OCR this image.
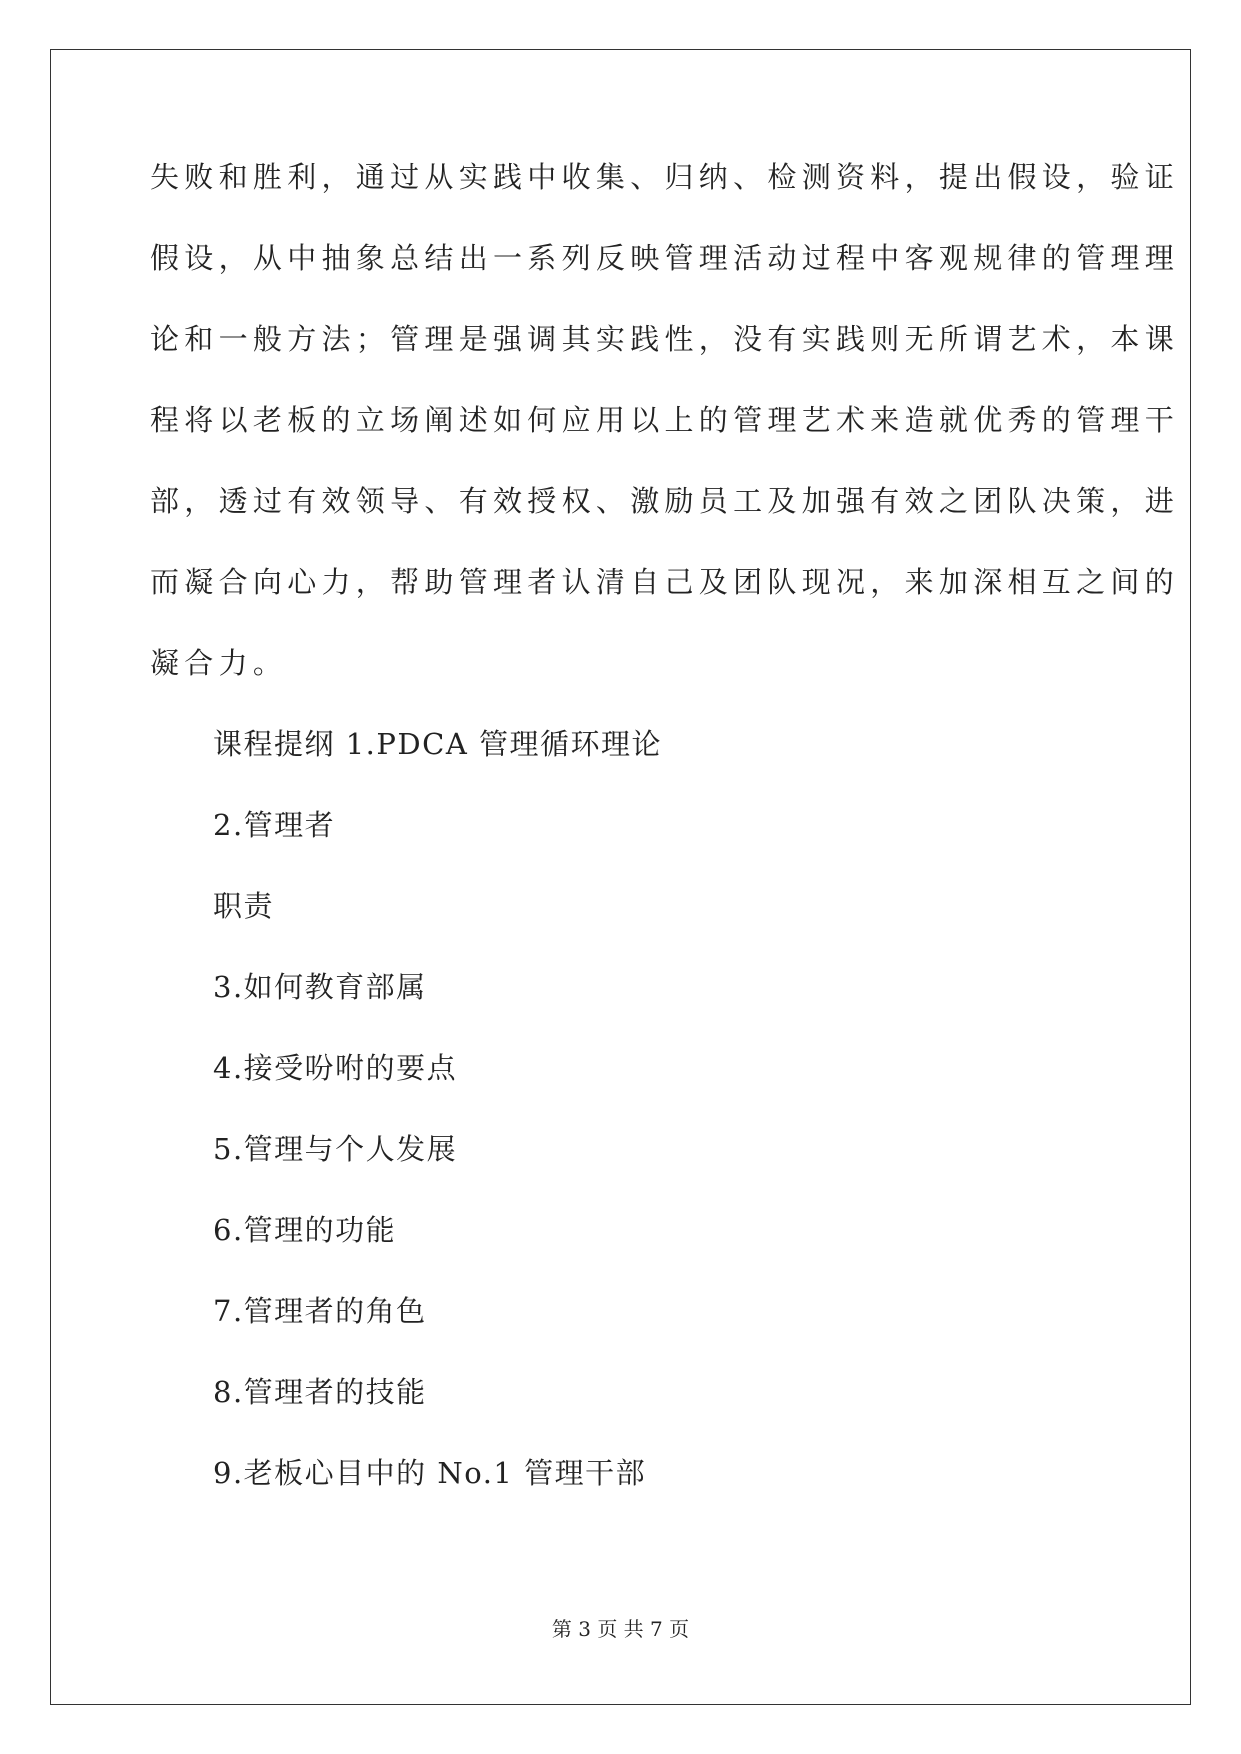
失败和胜利，通过从实践中收集、归纳、检测资料，提出假设，验证
假设，从中抽象总结出一系列反映管理活动过程中客观规律的管理理
论和一般方法；管理是强调其实践性，没有实践则无所谓艺术，本课
程将以老板的立场阐述如何应用以上的管理艺术来造就优秀的管理干
部，透过有效领导、有效授权、激励员工及加强有效之团队决策，进
而凝合向心力，帮助管理者认清自己及团队现况，来加深相互之间的
凝合力。
课程提纲 1.PDCA 管理循环理论
2.管理者
职责
3.如何教育部属
4.接受吩咐的要点
5.管理与个人发展
6.管理的功能
7.管理者的角色
8.管理者的技能
9.老板心目中的 No.1 管理干部
第 3 页 共 7 页
